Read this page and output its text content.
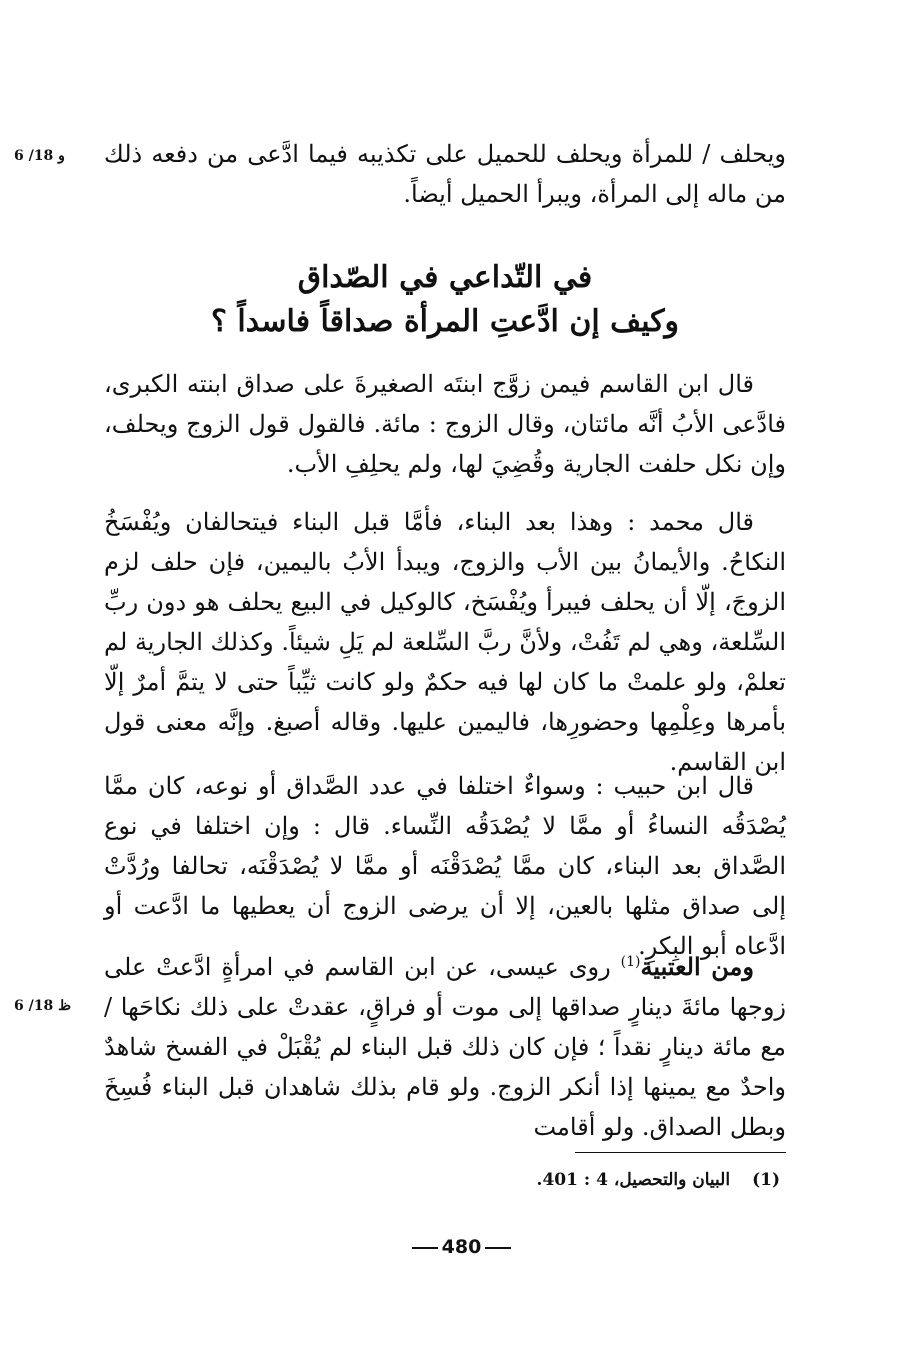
6 /18 و	ويحلف / للمرأة ويحلف للحميل على تكذيبه فيما ادَّعى من دفعه ذلك من ماله إلى المرأة، ويبرأ الحميل أيضاً.

في التّداعي في الصّداق
وكيف إن ادَّعتِ المرأة صداقاً فاسداً ؟

قال ابن القاسم فيمن زوَّج ابنتَه الصغيرةَ على صداق ابنته الكبرى، فادَّعى الأبُ أنَّه مائتان، وقال الزوج : مائة. فالقول قول الزوج ويحلف، وإن نكل حلفت الجارية وقُضِيَ لها، ولم يحلِفِ الأب.

قال محمد : وهذا بعد البناء، فأمَّا قبل البناء فيتحالفان ويُفْسَخُ النكاحُ. والأيمانُ بين الأب والزوج، ويبدأ الأبُ باليمين، فإن حلف لزم الزوجَ، إلّا أن يحلف فيبرأ ويُفْسَخ، كالوكيل في البيع يحلف هو دون ربِّ السِّلعة، وهي لم تَفُتْ، ولأنَّ ربَّ السِّلعة لم يَلِ شيئاً. وكذلك الجارية لم تعلمْ، ولو علمتْ ما كان لها فيه حكمٌ ولو كانت ثيِّباً حتى لا يتمَّ أمرٌ إلّا بأمرها وعِلْمِها وحضورِها، فاليمين عليها. وقاله أصبغ. وإنَّه معنى قول ابن القاسم.

قال ابن حبيب : وسواءٌ اختلفا في عدد الصَّداق أو نوعه، كان ممَّا يُصْدَقُه النساءُ أو ممَّا لا يُصْدَقُه النِّساء. قال : وإن اختلفا في نوع الصَّداق بعد البناء، كان ممَّا يُصْدَقْنَه أو ممَّا لا يُصْدَقْنَه، تحالفا ورُدَّتْ إلى صداق مثلها بالعين، إلا أن يرضى الزوج أن يعطيها ما ادَّعت أو ادَّعاه أبو البِكرِ.

6 /18 ظ

ومن العتبية$^{(1)}$ روى عيسى، عن ابن القاسم في امرأةٍ ادَّعتْ على زوجها مائةَ دينارٍ صداقها إلى موت أو فراقٍ، عقدتْ على ذلك نكاحَها / مع مائة دينارٍ نقداً ؛ فإن كان ذلك قبل البناء لم يُقْبَلْ في الفسخ شاهدٌ واحدٌ مع يمينها إذا أنكر الزوج. ولو قام بذلك شاهدان قبل البناء فُسِخَ وبطل الصداق. ولو أقامت

(1)البيان والتحصيل، 4 : 401.
480
